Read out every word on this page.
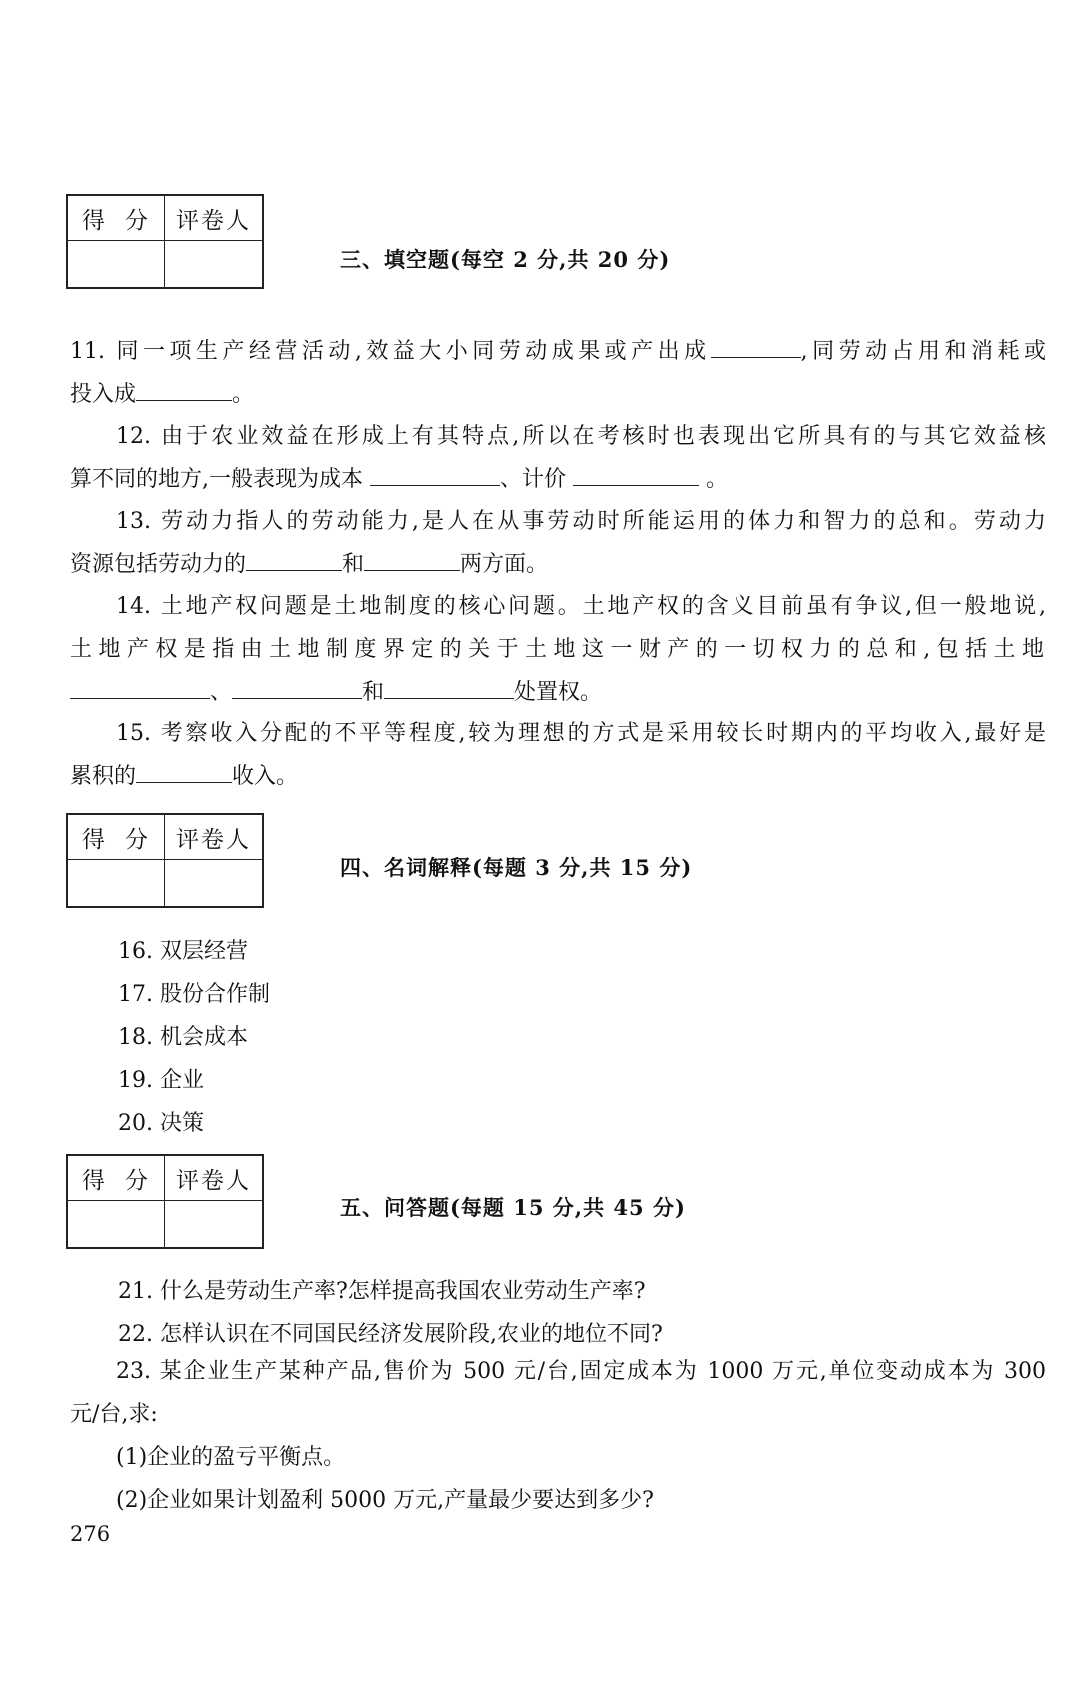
得 分	评卷人
三、填空题(每空 2 分,共 20 分)
11. 同一项生产经营活动,效益大小同劳动成果或产出成	,同劳动占用和消耗或
投入成	。
12. 由于农业效益在形成上有其特点,所以在考核时也表现出它所具有的与其它效益核
算不同的地方,一般表现为成本	、计价	。
13. 劳动力指人的劳动能力,是人在从事劳动时所能运用的体力和智力的总和。劳动力
资源包括劳动力的	和	两方面。
14. 土地产权问题是土地制度的核心问题。土地产权的含义目前虽有争议,但一般地说,
土地产权是指由土地制度界定的关于土地这一财产的一切权力的总和,包括土地
、	和	处置权。
15. 考察收入分配的不平等程度,较为理想的方式是采用较长时期内的平均收入,最好是
累积的	收入。
得 分	评卷人
四、名词解释(每题 3 分,共 15 分)
16. 双层经营
17. 股份合作制
18. 机会成本
19. 企业
20. 决策
得 分	评卷人
五、问答题(每题 15 分,共 45 分)
21. 什么是劳动生产率?怎样提高我国农业劳动生产率?
22. 怎样认识在不同国民经济发展阶段,农业的地位不同?
23. 某企业生产某种产品,售价为 500 元/台,固定成本为 1000 万元,单位变动成本为 300
元/台,求:
(1)企业的盈亏平衡点。
(2)企业如果计划盈利 5000 万元,产量最少要达到多少?
276
